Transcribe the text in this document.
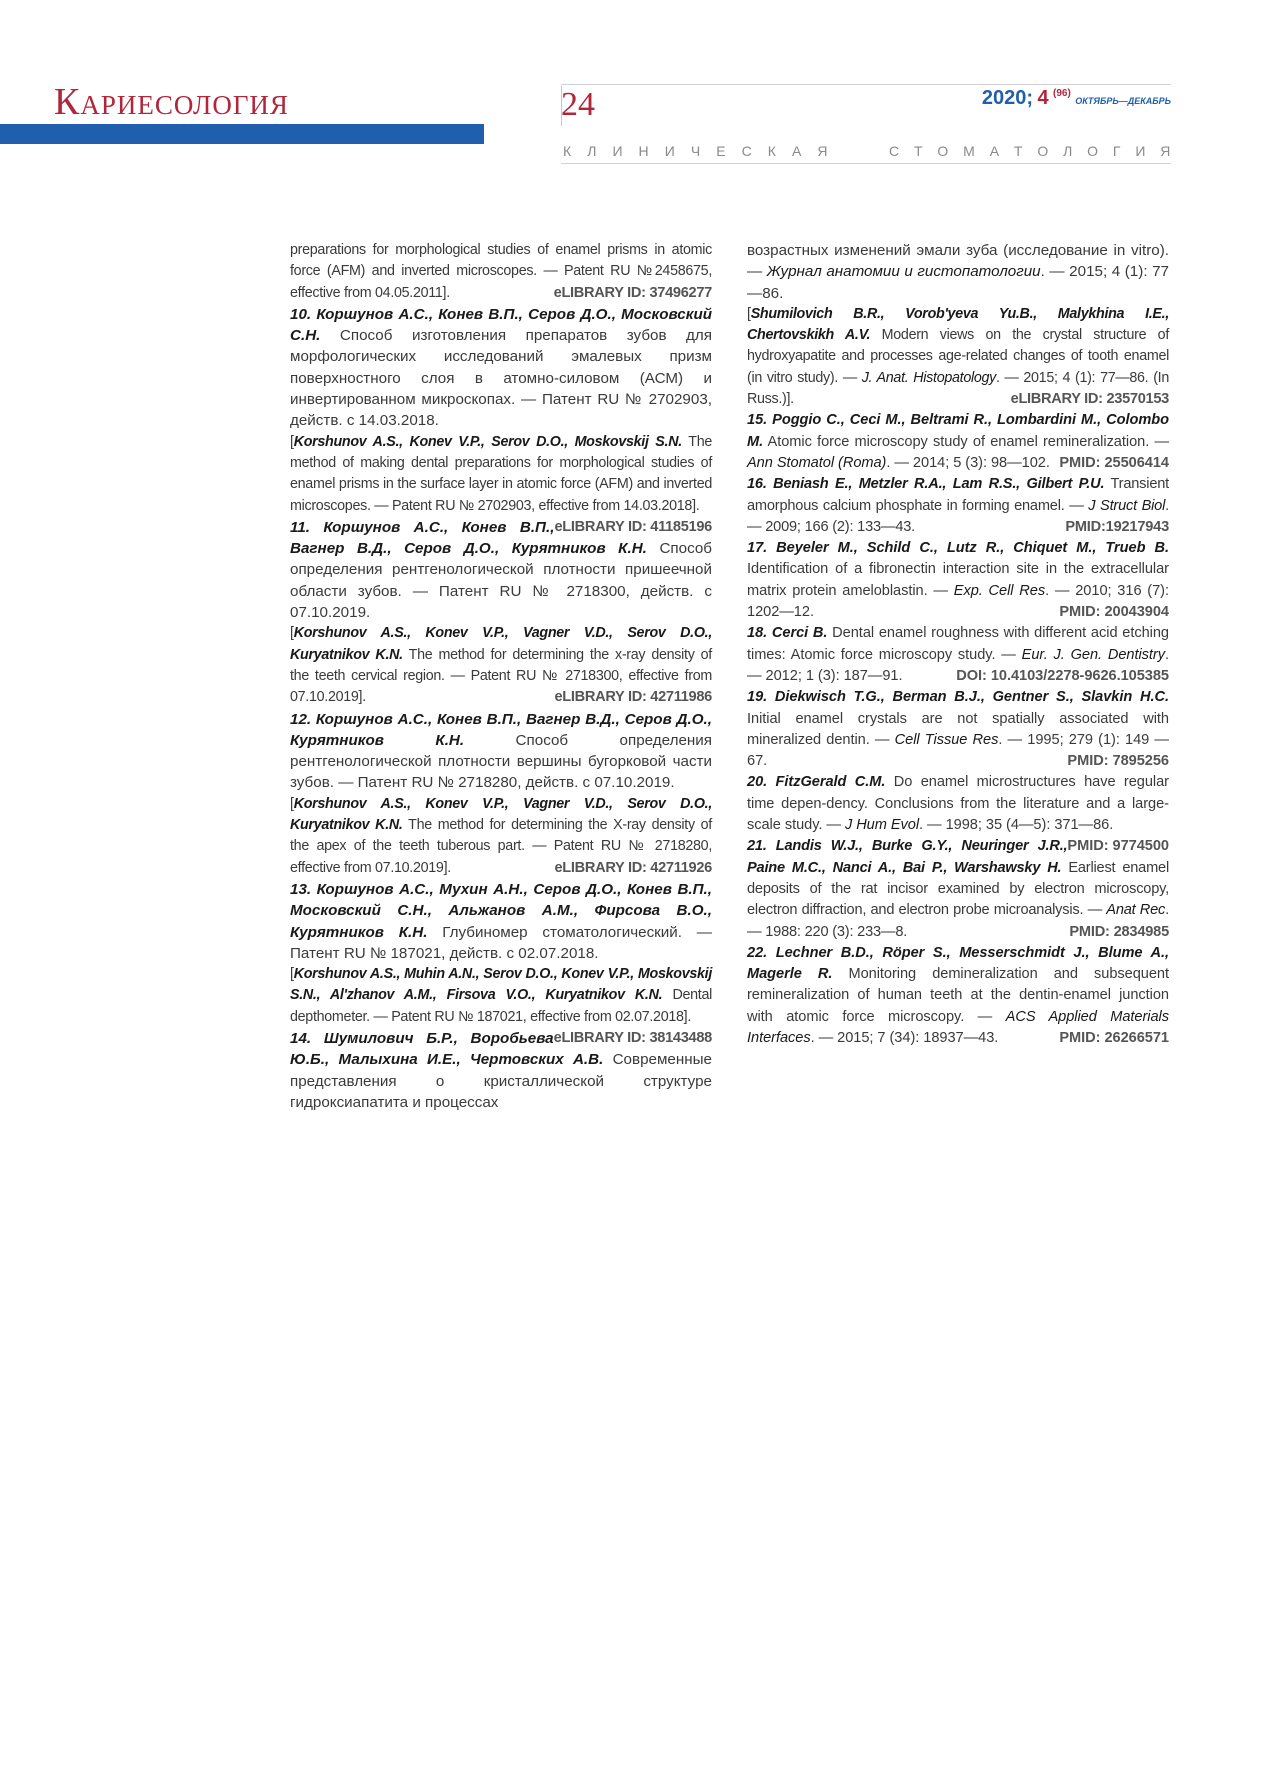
Кариесология	24	2020; 4 $^{(96)}$ ОКТЯБРЬ—ДЕКАБРЬ
К Л И Н И Ч Е С К А Я	С Т О М А Т О Л О Г И Я

preparations for morphological studies of enamel prisms in atomic force (AFM) and inverted microscopes. — Patent RU №2458675, effective from 04.05.2011].	eLIBRARY ID: 37496277

10. Коршунов А.С., Конев В.П., Серов Д.О., Московский С.Н. Способ изготовления препаратов зубов для морфологических исследований эмалевых призм поверхностного слоя в атомно-силовом (АСМ) и инвертированном микроскопах. — Патент RU № 2702903, действ. с 14.03.2018.

[Korshunov A.S., Konev V.P., Serov D.O., Moskovskij S.N. The method of making dental preparations for morphological studies of enamel prisms in the surface layer in atomic force (AFM) and inverted microscopes. — Patent RU № 2702903, effective from 14.03.2018].
eLIBRARY ID: 41185196

11. Коршунов А.С., Конев В.П., Вагнер В.Д., Серов Д.О., Курятников К.Н. Способ определения рентгенологической плотности пришеечной области зубов. — Патент RU № 2718300, действ. с 07.10.2019.

[Korshunov A.S., Konev V.P., Vagner V.D., Serov D.O., Kuryatnikov K.N. The method for determining the x-ray density of the teeth cervical region. — Patent RU № 2718300, effective from 07.10.2019].	eLIBRARY ID: 42711986

12. Коршунов А.С., Конев В.П., Вагнер В.Д., Серов Д.О., Курятников К.Н. Способ определения рентгенологической плотности вершины бугорковой части зубов. — Патент RU № 2718280, действ. с 07.10.2019.

[Korshunov A.S., Konev V.P., Vagner V.D., Serov D.O., Kuryatnikov K.N. The method for determining the X-ray density of the apex of the teeth tuberous part. — Patent RU № 2718280, effective from 07.10.2019].	eLIBRARY ID: 42711926

13. Коршунов А.С., Мухин А.Н., Серов Д.О., Конев В.П., Московский С.Н., Альжанов А.М., Фирсова В.О., Курятников К.Н. Глубиномер стоматологический. — Патент RU № 187021, действ. с 02.07.2018.

[Korshunov A.S., Muhin A.N., Serov D.O., Konev V.P., Moskovskij S.N., Al'zhanov A.M., Firsova V.O., Kuryatnikov K.N. Dental depthometer. — Patent RU № 187021, effective from 02.07.2018].
eLIBRARY ID: 38143488

14. Шумилович Б.Р., Воробьева Ю.Б., Малыхина И.Е., Чертовских А.В. Современные представления о кристаллической структуре гидроксиапатита и процессах

возрастных изменений эмали зуба (исследование in vitro). — Журнал анатомии и гистопатологии. — 2015; 4 (1): 77—86.

[Shumilovich B.R., Vorob'yeva Yu.B., Malykhina I.E., Chertovskikh A.V. Modern views on the crystal structure of hydroxyapatite and processes age-related changes of tooth enamel (in vitro study). — J. Anat. Histopatology. — 2015; 4 (1): 77—86. (In Russ.)].	eLIBRARY ID: 23570153

15. Poggio C., Ceci M., Beltrami R., Lombardini M., Colombo M. Atomic force microscopy study of enamel remineralization. — Ann Stomatol (Roma). — 2014; 5 (3): 98—102. PMID: 25506414

16. Beniash E., Metzler R.A., Lam R.S., Gilbert P.U. Transient amorphous calcium phosphate in forming enamel. — J Struct Biol. — 2009; 166 (2): 133—43.	PMID:19217943

17. Beyeler M., Schild C., Lutz R., Chiquet M., Trueb B. Identification of a fibronectin interaction site in the extracellular matrix protein ameloblastin. — Exp. Cell Res. — 2010; 316 (7): 1202—12.	PMID: 20043904

18. Cerci B. Dental enamel roughness with different acid etching times: Atomic force microscopy study. — Eur. J. Gen. Dentistry. — 2012; 1 (3): 187—91.	DOI: 10.4103/2278-9626.105385

19. Diekwisch T.G., Berman B.J., Gentner S., Slavkin H.C. Initial enamel crystals are not spatially associated with mineralized dentin. — Cell Tissue Res. — 1995; 279 (1): 149 —67.	PMID: 7895256

20. FitzGerald C.M. Do enamel microstructures have regular time depen-dency. Conclusions from the literature and a large-scale study. — J Hum Evol. — 1998; 35 (4—5): 371—86.
PMID: 9774500

21. Landis W.J., Burke G.Y., Neuringer J.R., Paine M.C., Nanci A., Bai P., Warshawsky H. Earliest enamel deposits of the rat incisor examined by electron microscopy, electron diffraction, and electron probe microanalysis. — Anat Rec. — 1988: 220 (3): 233—8.	PMID: 2834985

22. Lechner B.D., Röper S., Messerschmidt J., Blume A., Magerle R. Monitoring demineralization and subsequent remineralization of human teeth at the dentin-enamel junction with atomic force microscopy. — ACS Applied Materials Interfaces. — 2015; 7 (34): 18937—43.	PMID: 26266571
